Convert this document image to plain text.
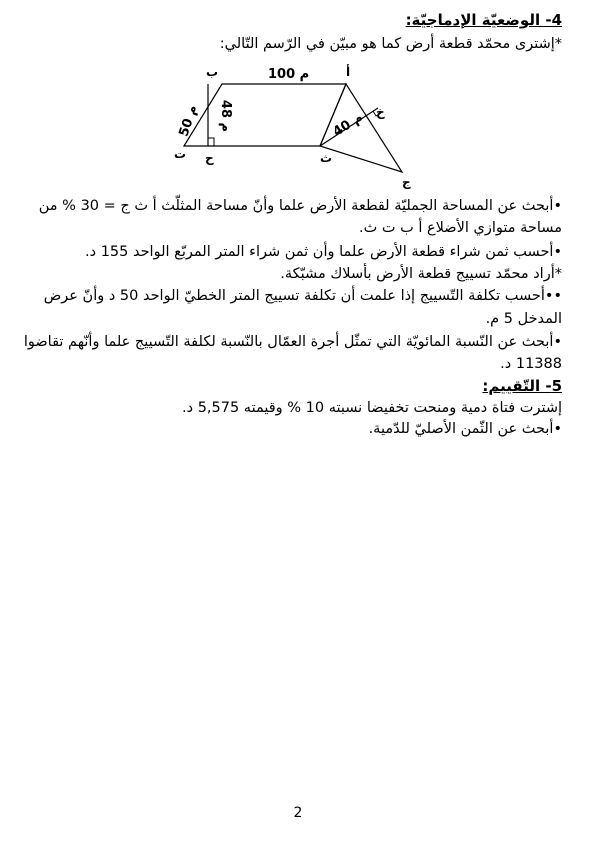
4- الوضعيّة الإدماجيّة:
*إشترى محمّد قطعة أرض كما هو مبيّن في الرّسم التّالي:
ب	أ
ت ح	ث
خ
ج
100 م
50 م 48 م	40 م
•أبحث عن المساحة الجمليّة لقطعة الأرض علما وأنّ مساحة المثلّث أ ث ج = 30 % من
مساحة متوازي الأضلاع أ ب ت ث.
•أحسب ثمن شراء قطعة الأرض علما وأن ثمن شراء المتر المربّع الواحد 155 د.
*أراد محمّد تسييج قطعة الأرض بأسلاك مشبّكة.
••أحسب تكلفة التّسييج إذا علمت أن تكلفة تسييج المتر الخطيّ الواحد 50 د وأنّ عرض
المدخل 5 م.
•أبحث عن النّسبة المائويّة التي تمثّل أجرة العمّال بالنّسبة لكلفة التّسييج علما وأنّهم تقاضوا
11388 د.
5- التّقييم:
إشترت فتاة دمية ومنحت تخفيضا نسبته 10 % وقيمته 5,575 د.
•أبحث عن الثّمن الأصليّ للدّمية.
2
